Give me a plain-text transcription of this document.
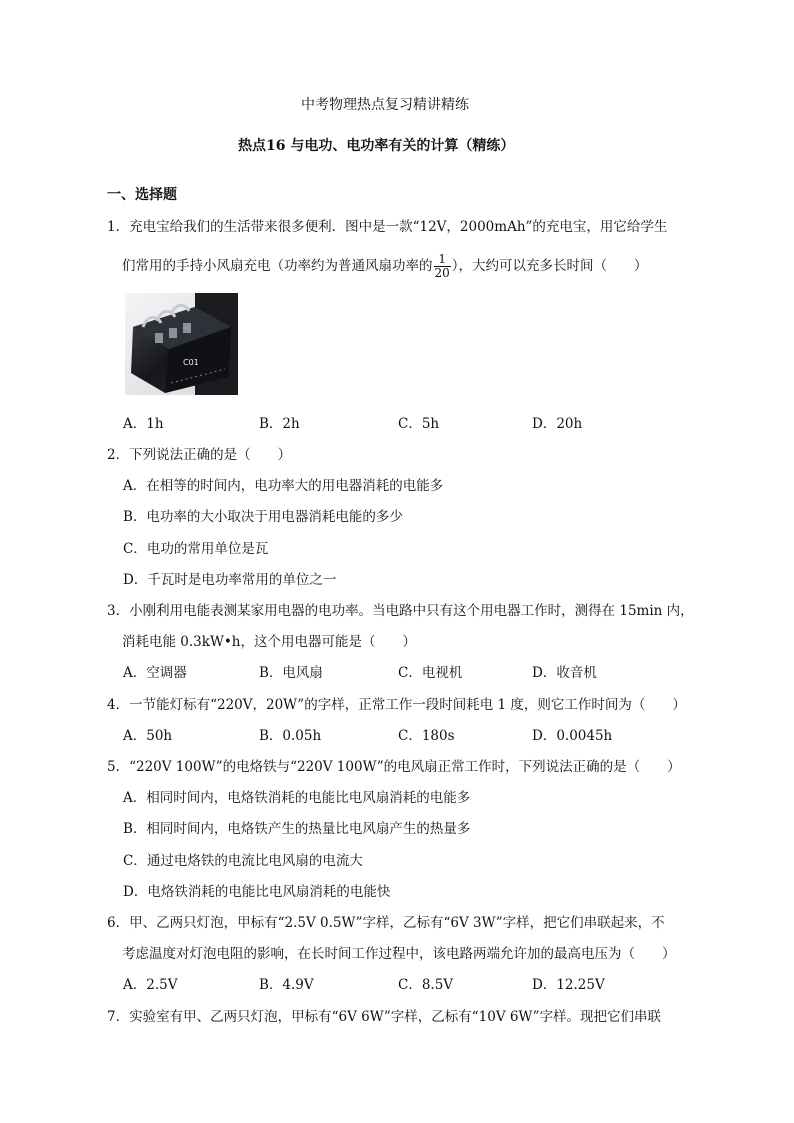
中考物理热点复习精讲精练
热点16 与电功、电功率有关的计算（精练）
一、选择题
1．充电宝给我们的生活带来很多便利．图中是一款“12V，2000mAh”的充电宝，用它给学生
们常用的手持小风扇充电（功率约为普通风扇功率的 $\frac{1}{20}$ ），大约可以充多长时间（　　）
C01
A．1h	B．2h	C．5h	D．20h
2．下列说法正确的是（　　）
A．在相等的时间内，电功率大的用电器消耗的电能多
B．电功率的大小取决于用电器消耗电能的多少
C．电功的常用单位是瓦
D．千瓦时是电功率常用的单位之一
3．小刚利用电能表测某家用电器的电功率。当电路中只有这个用电器工作时，测得在 15min 内，
消耗电能 0.3kW•h，这个用电器可能是（　　）
A．空调器	B．电风扇	C．电视机	D．收音机
4．一节能灯标有“220V，20W”的字样，正常工作一段时间耗电 1 度，则它工作时间为（　　）
A．50h	B．0.05h	C．180s	D．0.0045h
5．“220V 100W”的电烙铁与“220V 100W”的电风扇正常工作时，下列说法正确的是（　　）
A．相同时间内，电烙铁消耗的电能比电风扇消耗的电能多
B．相同时间内，电烙铁产生的热量比电风扇产生的热量多
C．通过电烙铁的电流比电风扇的电流大
D．电烙铁消耗的电能比电风扇消耗的电能快
6．甲、乙两只灯泡，甲标有“2.5V 0.5W”字样，乙标有“6V 3W”字样，把它们串联起来，不
考虑温度对灯泡电阻的影响，在长时间工作过程中，该电路两端允许加的最高电压为（　　）
A．2.5V	B．4.9V	C．8.5V	D．12.25V
7．实验室有甲、乙两只灯泡，甲标有“6V 6W”字样，乙标有“10V 6W”字样。现把它们串联
